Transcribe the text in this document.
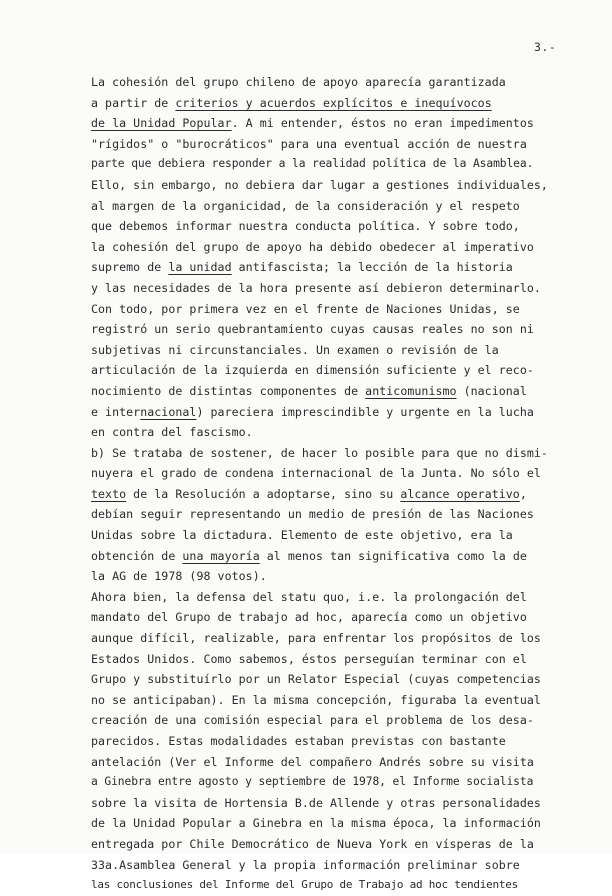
3.-
La cohesión del grupo chileno de apoyo aparecía garantizada
a partir de criterios y acuerdos explícitos e inequívocos
de la Unidad Popular. A mi entender, éstos no eran impedimentos
"rígidos" o "burocráticos" para una eventual acción de nuestra
parte que debiera responder a la realidad política de la Asamblea.
Ello, sin embargo, no debiera dar lugar a gestiones individuales,
al margen de la organicidad, de la consideración y el respeto
que debemos informar nuestra conducta política. Y sobre todo,
la cohesión del grupo de apoyo ha debido obedecer al imperativo
supremo de la unidad antifascista; la lección de la historia
y las necesidades de la hora presente así debieron determinarlo.
Con todo, por primera vez en el frente de Naciones Unidas, se
registró un serio quebrantamiento cuyas causas reales no son ni
subjetivas ni circunstanciales. Un examen o revisión de la
articulación de la izquierda en dimensión suficiente y el reco-
nocimiento de distintas componentes de anticomunismo (nacional
e internacional) pareciera imprescindible y urgente en la lucha
en contra del fascismo.
b) Se trataba de sostener, de hacer lo posible para que no dismi-
nuyera el grado de condena internacional de la Junta. No sólo el
texto de la Resolución a adoptarse, sino su alcance operativo,
debían seguir representando un medio de presión de las Naciones
Unidas sobre la dictadura. Elemento de este objetivo, era la
obtención de una mayoría al menos tan significativa como la de
la AG de 1978 (98 votos).
Ahora bien, la defensa del statu quo, i.e. la prolongación del
mandato del Grupo de trabajo ad hoc, aparecía como un objetivo
aunque difícil, realizable, para enfrentar los propósitos de los
Estados Unidos. Como sabemos, éstos perseguían terminar con el
Grupo y substituírlo por un Relator Especial (cuyas competencias
no se anticipaban). En la misma concepción, figuraba la eventual
creación de una comisión especial para el problema de los desa-
parecidos. Estas modalidades estaban previstas con bastante
antelación (Ver el Informe del compañero Andrés sobre su visita
a Ginebra entre agosto y septiembre de 1978, el Informe socialista
sobre la visita de Hortensia B.de Allende y otras personalidades
de la Unidad Popular a Ginebra en la misma época, la información
entregada por Chile Democrático de Nueva York en vísperas de la
33a.Asamblea General y la propia información preliminar sobre
las conclusiones del Informe del Grupo de Trabajo ad hoc tendientes
